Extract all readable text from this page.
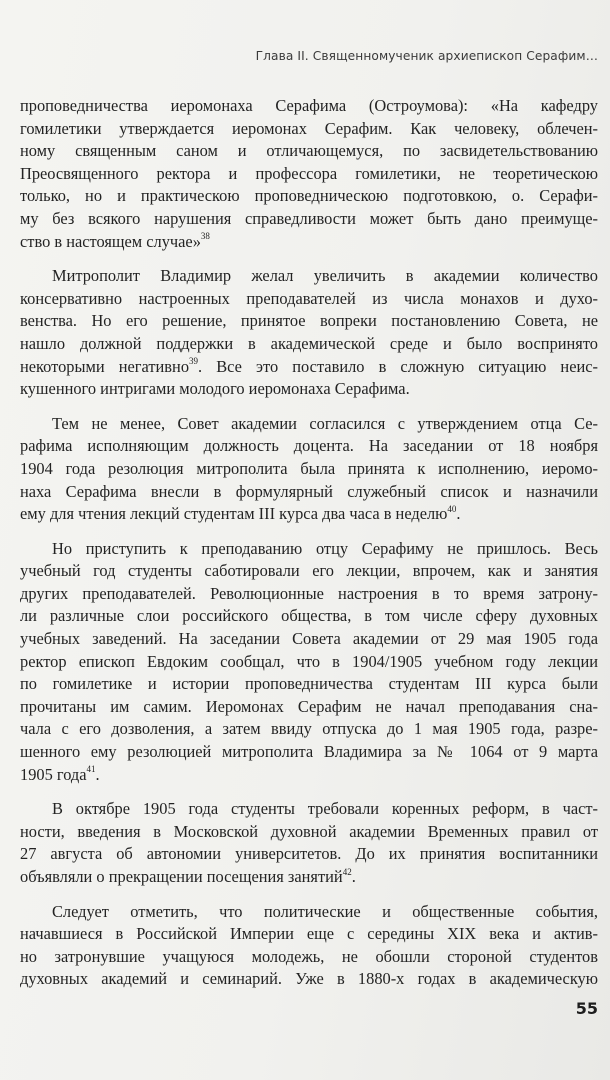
Глава II. Священномученик архиепископ Серафим…
проповедничества иеромонаха Серафима (Остроумова): «На кафедру
гомилетики утверждается иеромонах Серафим. Как человеку, облечен-
ному священным саном и отличающемуся, по засвидетельствованию
Преосвященного ректора и профессора гомилетики, не теоретическою
только, но и практическою проповедническою подготовкою, о. Серафи-
му без всякого нарушения справедливости может быть дано преимуще-
ство в настоящем случае»$^{38}$
Митрополит Владимир желал увеличить в академии количество
консервативно настроенных преподавателей из числа монахов и духо-
венства. Но его решение, принятое вопреки постановлению Совета, не
нашло должной поддержки в академической среде и было воспринято
некоторыми негативно$^{39}$. Все это поставило в сложную ситуацию неис-
кушенного интригами молодого иеромонаха Серафима.
Тем не менее, Совет академии согласился с утверждением отца Се-
рафима исполняющим должность доцента. На заседании от 18 ноября
1904 года резолюция митрополита была принята к исполнению, иеромо-
наха Серафима внесли в формулярный служебный список и назначили
ему для чтения лекций студентам III курса два часа в неделю$^{40}$.
Но приступить к преподаванию отцу Серафиму не пришлось. Весь
учебный год студенты саботировали его лекции, впрочем, как и занятия
других преподавателей. Революционные настроения в то время затрону-
ли различные слои российского общества, в том числе сферу духовных
учебных заведений. На заседании Совета академии от 29 мая 1905 года
ректор епископ Евдоким сообщал, что в 1904/1905 учебном году лекции
по гомилетике и истории проповедничества студентам III курса были
прочитаны им самим. Иеромонах Серафим не начал преподавания сна-
чала с его дозволения, а затем ввиду отпуска до 1 мая 1905 года, разре-
шенного ему резолюцией митрополита Владимира за № 1064 от 9 марта
1905 года$^{41}$.
В октябре 1905 года студенты требовали коренных реформ, в част-
ности, введения в Московской духовной академии Временных правил от
27 августа об автономии университетов. До их принятия воспитанники
объявляли о прекращении посещения занятий$^{42}$.
Следует отметить, что политические и общественные события,
начавшиеся в Российской Империи еще с середины XIX века и актив-
но затронувшие учащуюся молодежь, не обошли стороной студентов
духовных академий и семинарий. Уже в 1880-х годах в академическую
55
